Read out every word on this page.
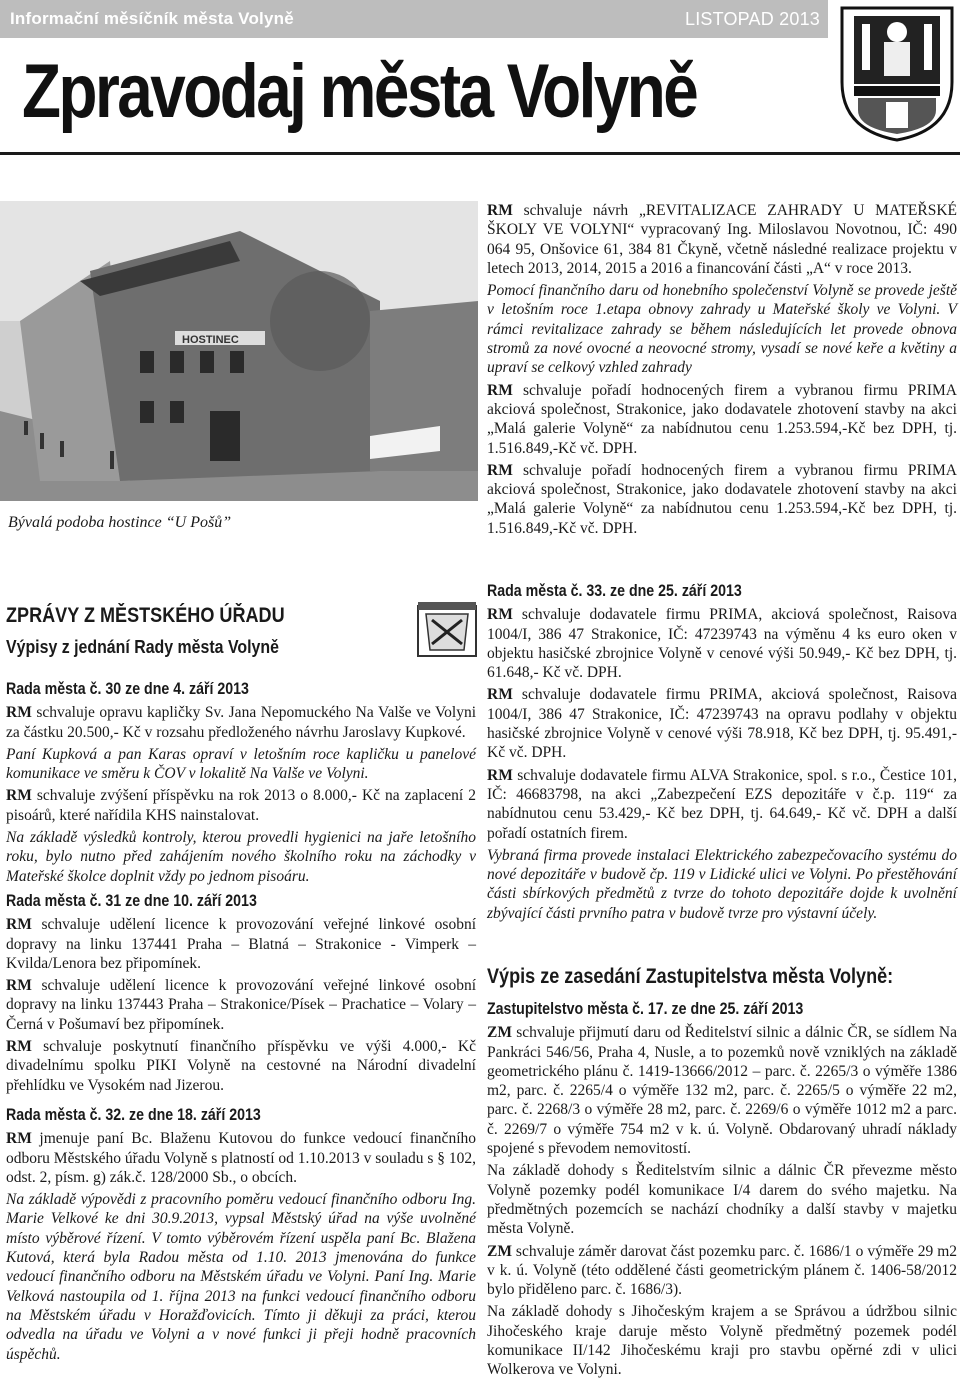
Informační měsíčník města Volyně	LISTOPAD 2013
Zpravodaj města Volyně
HOSTINEC
Bývalá podoba hostince “U Pošů”

RM schvaluje návrh „REVITALIZACE ZAHRADY U MATEŘSKÉ ŠKOLY VE VOLYNI“ vypracovaný Ing. Miloslavou Novotnou, IČ: 490 064 95, Onšovice 61, 384 81 Čkyně, včetně následné realizace projektu v letech 2013, 2014, 2015 a 2016 a financování části „A“ v roce 2013.

Pomocí finančního daru od honebního společenství Volyně se provede ještě v letošním roce 1.etapa obnovy zahrady u Mateřské školy ve Volyni. V rámci revitalizace zahrady se během následujících let provede obnova stromů za nové ovocné a neovocné stromy, vysadí se nové keře a květiny a upraví se celkový vzhled zahrady

RM schvaluje pořadí hodnocených firem a vybranou firmu PRIMA akciová společnost, Strakonice, jako dodavatele zhotovení stavby na akci „Malá galerie Volyně“ za nabídnutou cenu 1.253.594,-Kč bez DPH, tj. 1.516.849,-Kč vč. DPH.

RM schvaluje pořadí hodnocených firem a vybranou firmu PRIMA akciová společnost, Strakonice, jako dodavatele zhotovení stavby na akci „Malá galerie Volyně“ za nabídnutou cenu 1.253.594,-Kč bez DPH, tj. 1.516.849,-Kč vč. DPH.

ZPRÁVY Z MĚSTSKÉHO ÚŘADU
Výpisy z jednání Rady města Volyně
Rada města č. 30 ze dne 4. září 2013

RM schvaluje opravu kapličky Sv. Jana Nepomuckého Na Valše ve Volyni za částku 20.500,- Kč v rozsahu předloženého návrhu Jaroslavy Kupkové.

Paní Kupková a pan Karas opraví v letošním roce kapličku u panelové komunikace ve směru k ČOV v lokalitě Na Valše ve Volyni.

RM schvaluje zvýšení příspěvku na rok 2013 o 8.000,- Kč na zaplacení 2 pisoárů, které nařídila KHS nainstalovat.

Na základě výsledků kontroly, kterou provedli hygienici na jaře letošního roku, bylo nutno před zahájením nového školního roku na záchodky v Mateřské školce doplnit vždy po jednom pisoáru.

Rada města č. 31 ze dne 10. září 2013

RM schvaluje udělení licence k provozování veřejné linkové osobní dopravy na linku 137441 Praha – Blatná – Strakonice - Vimperk – Kvilda/Lenora bez připomínek.

RM schvaluje udělení licence k provozování veřejné linkové osobní dopravy na linku 137443 Praha – Strakonice/Písek – Prachatice – Volary – Černá v Pošumaví bez připomínek.

RM schvaluje poskytnutí finančního příspěvku ve výši 4.000,- Kč divadelnímu spolku PIKI Volyně na cestovné na Národní divadelní přehlídku ve Vysokém nad Jizerou.

Rada města č. 32. ze dne 18. září 2013

RM jmenuje paní Bc. Blaženu Kutovou do funkce vedoucí finančního odboru Městského úřadu Volyně s platností od 1.10.2013 v souladu s § 102, odst. 2, písm. g) zák.č. 128/2000 Sb., o obcích.

Na základě výpovědi z pracovního poměru vedoucí finančního odboru Ing. Marie Velkové ke dni 30.9.2013, vypsal Městský úřad na výše uvolněné místo výběrové řízení. V tomto výběrovém řízení uspěla paní Bc. Blažena Kutová, která byla Radou města od 1.10. 2013 jmenována do funkce vedoucí finančního odboru na Městském úřadu ve Volyni. Paní Ing. Marie Velková nastoupila od 1. října 2013 na funkci vedoucí finančního odboru na Městském úřadu v Horažďovicích. Tímto ji děkuji za práci, kterou odvedla na úřadu ve Volyni a v nové funkci ji přeji hodně pracovních úspěchů.

Rada města č. 33. ze dne 25. září 2013

RM schvaluje dodavatele firmu PRIMA, akciová společnost, Raisova 1004/I, 386 47 Strakonice, IČ: 47239743 na výměnu 4 ks euro oken v objektu hasičské zbrojnice Volyně v cenové výši 50.949,- Kč bez DPH, tj. 61.648,- Kč vč. DPH.

RM schvaluje dodavatele firmu PRIMA, akciová společnost, Raisova 1004/I, 386 47 Strakonice, IČ: 47239743 na opravu podlahy v objektu hasičské zbrojnice Volyně v cenové výši 78.918, Kč bez DPH, tj. 95.491,- Kč vč. DPH.

RM schvaluje dodavatele firmu ALVA Strakonice, spol. s r.o., Čestice 101, IČ: 46683798, na akci „Zabezpečení EZS depozitáře v č.p. 119“ za nabídnutou cenu 53.429,- Kč bez DPH, tj. 64.649,- Kč vč. DPH a další pořadí ostatních firem.

Vybraná firma provede instalaci Elektrického zabezpečovacího systému do nové depozitáře v budově čp. 119 v Lidické ulici ve Volyni. Po přestěhování části sbírkových předmětů z tvrze do tohoto depozitáře dojde k uvolnění zbývající části prvního patra v budově tvrze pro výstavní účely.

Výpis ze zasedání Zastupitelstva města Volyně:
Zastupitelstvo města č. 17. ze dne 25. září 2013

ZM schvaluje přijmutí daru od Ředitelství silnic a dálnic ČR, se sídlem Na Pankráci 546/56, Praha 4, Nusle, a to pozemků nově vzniklých na základě geometrického plánu č. 1419-13666/2012 – parc. č. 2265/3 o výměře 1386 m2, parc. č. 2265/4 o výměře 132 m2, parc. č. 2265/5 o výměře 22 m2, parc. č. 2268/3 o výměře 28 m2, parc. č. 2269/6 o výměře 1012 m2 a parc. č. 2269/7 o výměře 754 m2 v k. ú. Volyně. Obdarovaný uhradí náklady spojené s převodem nemovitostí.

Na základě dohody s Ředitelstvím silnic a dálnic ČR převezme město Volyně pozemky podél komunikace I/4 darem do svého majetku. Na předmětných pozemcích se nachází chodníky a další stavby v majetku města Volyně.

ZM schvaluje záměr darovat část pozemku parc. č. 1686/1 o výměře 29 m2 v k. ú. Volyně (této oddělené části geometrickým plánem č. 1406-58/2012 bylo přiděleno parc. č. 1686/3).

Na základě dohody s Jihočeským krajem a se Správou a údržbou silnic Jihočeského kraje daruje město Volyně předmětný pozemek podél komunikace II/142 Jihočeskému kraji pro stavbu opěrné zdi v ulici Wolkerova ve Volyni.
